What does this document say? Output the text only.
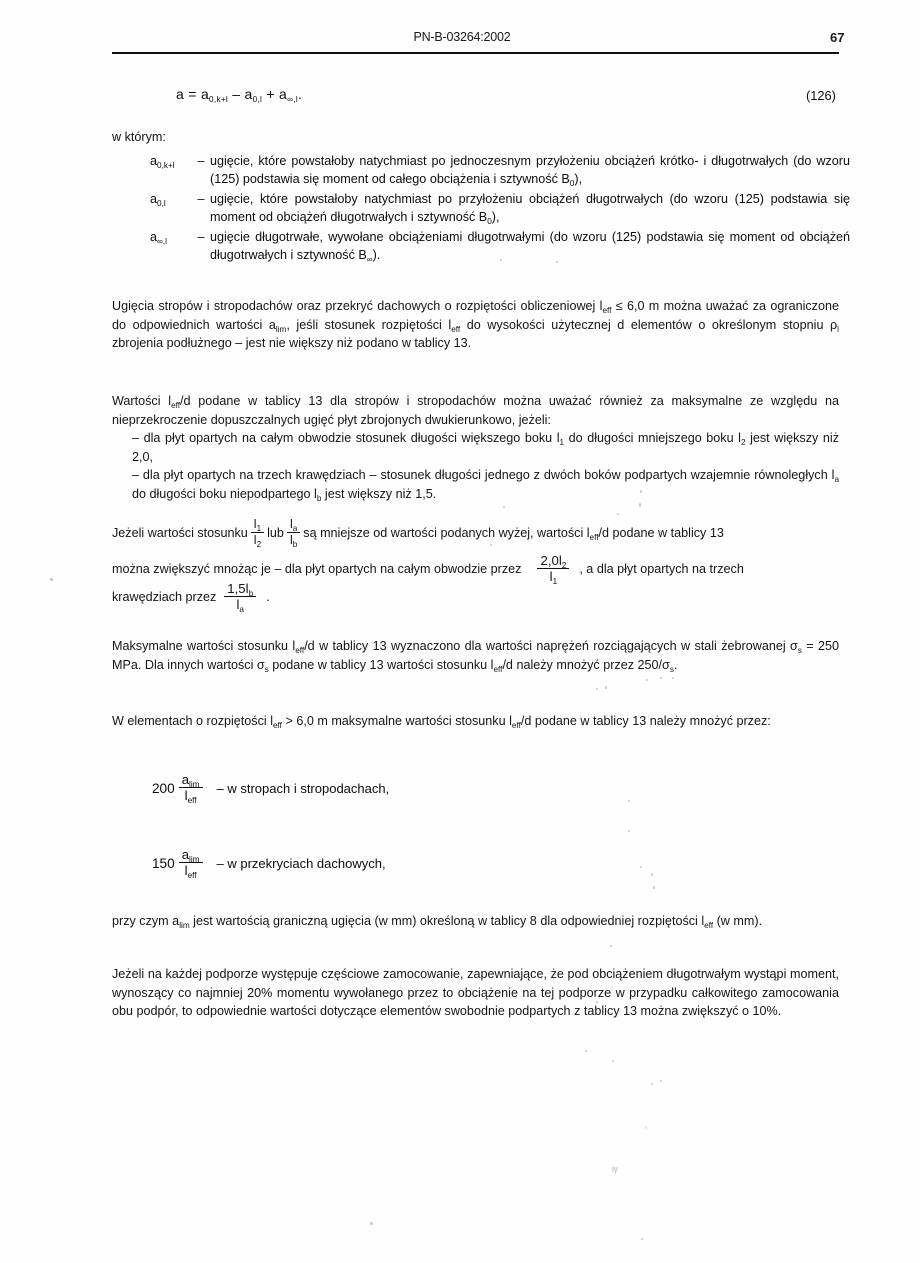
PN-B-03264:2002	67
$a = a_{0,k+l} - a_{0,l} + a_{\infty,l}$.	(126)
w którym:
$a_{0,k+l}$	– ugięcie, które powstałoby natychmiast po jednoczesnym przyłożeniu obciążeń krótko- i długotrwałych (do wzoru (125) podstawia się moment od całego obciążenia i sztywność $B_0$),
$a_{0,l}$	– ugięcie, które powstałoby natychmiast po przyłożeniu obciążeń długotrwałych (do wzoru (125) podstawia się moment od obciążeń długotrwałych i sztywność $B_0$),
$a_{\infty,l}$	– ugięcie długotrwałe, wywołane obciążeniami długotrwałymi (do wzoru (125) podstawia się moment od obciążeń długotrwałych i sztywność $B_\infty$).
Ugięcia stropów i stropodachów oraz przekryć dachowych o rozpiętości obliczeniowej $l_{eff} \le 6,0$ m można uważać za ograniczone do odpowiednich wartości $a_{lim}$, jeśli stosunek rozpiętości $l_{eff}$ do wysokości użytecznej d elementów o określonym stopniu $\rho_l$ zbrojenia podłużnego – jest nie większy niż podano w tablicy 13.
Wartości $l_{eff}/d$ podane w tablicy 13 dla stropów i stropodachów można uważać również za maksymalne ze względu na nieprzekroczenie dopuszczalnych ugięć płyt zbrojonych dwukierunkowo, jeżeli:
– dla płyt opartych na całym obwodzie stosunek długości większego boku $l_1$ do długości mniejszego boku $l_2$ jest większy niż 2,0,
– dla płyt opartych na trzech krawędziach – stosunek długości jednego z dwóch boków podpartych wzajemnie równoległych $l_a$ do długości boku niepodpartego $l_b$ jest większy niż 1,5.
Jeżeli wartości stosunku $\frac{l_1}{l_2}$ lub $\frac{l_a}{l_b}$ są mniejsze od wartości podanych wyżej, wartości $l_{eff}/d$ podane w tablicy 13
można zwiększyć mnożąc je – dla płyt opartych na całym obwodzie przez $\frac{2,0l_2}{l_1}$ , a dla płyt opartych na trzech
krawędziach przez $\frac{1,5l_b}{l_a}$ .
Maksymalne wartości stosunku $l_{eff}/d$ w tablicy 13 wyznaczono dla wartości naprężeń rozciągających w stali żebrowanej $\sigma_s = 250$ MPa. Dla innych wartości $\sigma_s$ podane w tablicy 13 wartości stosunku $l_{eff}/d$ należy mnożyć przez $250/\sigma_s$.
W elementach o rozpiętości $l_{eff} > 6,0$ m maksymalne wartości stosunku $l_{eff}/d$ podane w tablicy 13 należy mnożyć przez:
$200 \frac{a_{lim}}{l_{eff}}$ – w stropach i stropodachach,
$150 \frac{a_{lim}}{l_{eff}}$ – w przekryciach dachowych,
przy czym $a_{lim}$ jest wartością graniczną ugięcia (w mm) określoną w tablicy 8 dla odpowiedniej rozpiętości $l_{eff}$ (w mm).
Jeżeli na każdej podporze występuje częściowe zamocowanie, zapewniające, że pod obciążeniem długotrwałym wystąpi moment, wynoszący co najmniej 20% momentu wywołanego przez to obciążenie na tej podporze w przypadku całkowitego zamocowania obu podpór, to odpowiednie wartości dotyczące elementów swobodnie podpartych z tablicy 13 można zwiększyć o 10%.
ʻ
ᵢᵧ
